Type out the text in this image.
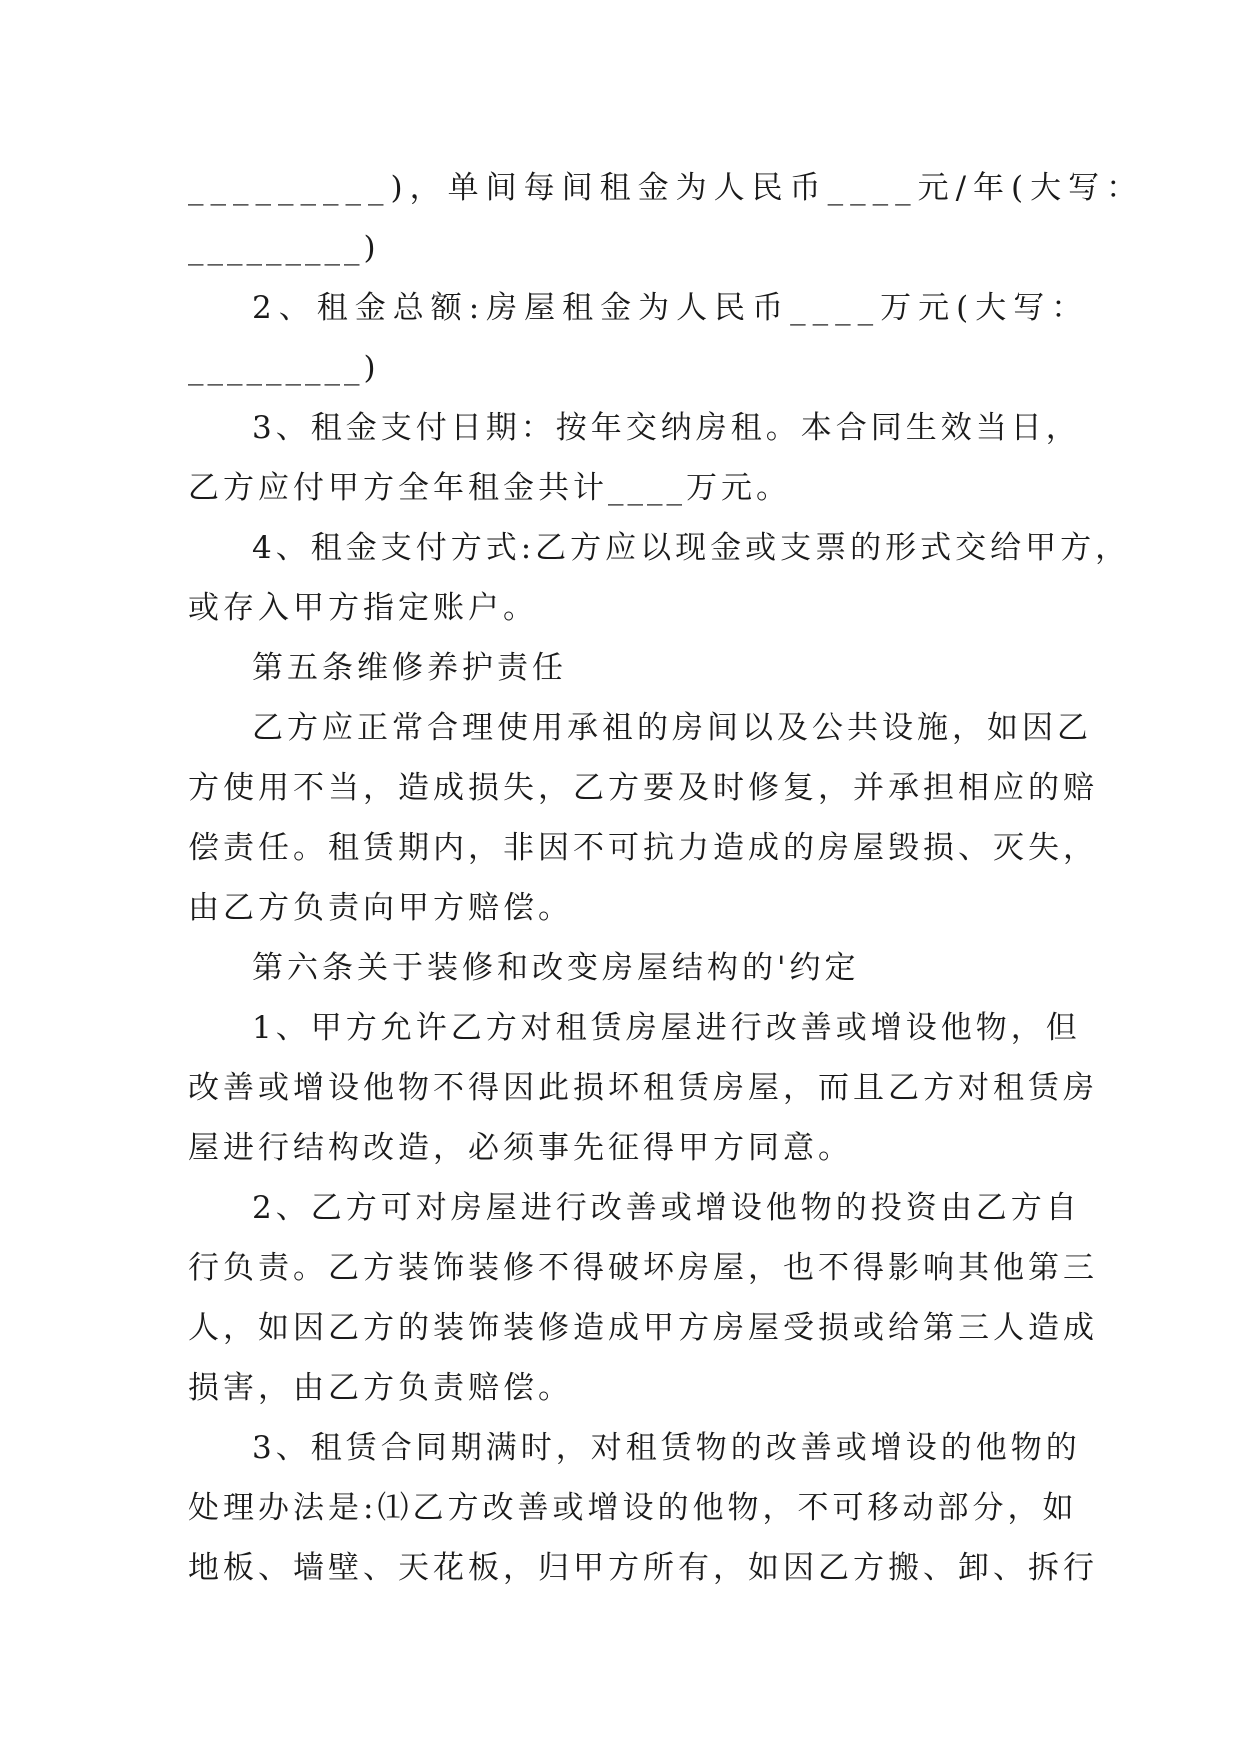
_________)，单间每间租金为人民币____元/年(大写：
_________)
2、租金总额:房屋租金为人民币____万元(大写：
_________)
3、租金支付日期：按年交纳房租。本合同生效当日，
乙方应付甲方全年租金共计____万元。
4、租金支付方式:乙方应以现金或支票的形式交给甲方，
或存入甲方指定账户。
第五条维修养护责任
乙方应正常合理使用承祖的房间以及公共设施，如因乙
方使用不当，造成损失，乙方要及时修复，并承担相应的赔
偿责任。租赁期内，非因不可抗力造成的房屋毁损、灭失，
由乙方负责向甲方赔偿。
第六条关于装修和改变房屋结构的'约定
1、甲方允许乙方对租赁房屋进行改善或增设他物，但
改善或增设他物不得因此损坏租赁房屋，而且乙方对租赁房
屋进行结构改造，必须事先征得甲方同意。
2、乙方可对房屋进行改善或增设他物的投资由乙方自
行负责。乙方装饰装修不得破坏房屋，也不得影响其他第三
人，如因乙方的装饰装修造成甲方房屋受损或给第三人造成
损害，由乙方负责赔偿。
3、租赁合同期满时，对租赁物的改善或增设的他物的
处理办法是:⑴乙方改善或增设的他物，不可移动部分，如
地板、墙壁、天花板，归甲方所有，如因乙方搬、卸、拆行
